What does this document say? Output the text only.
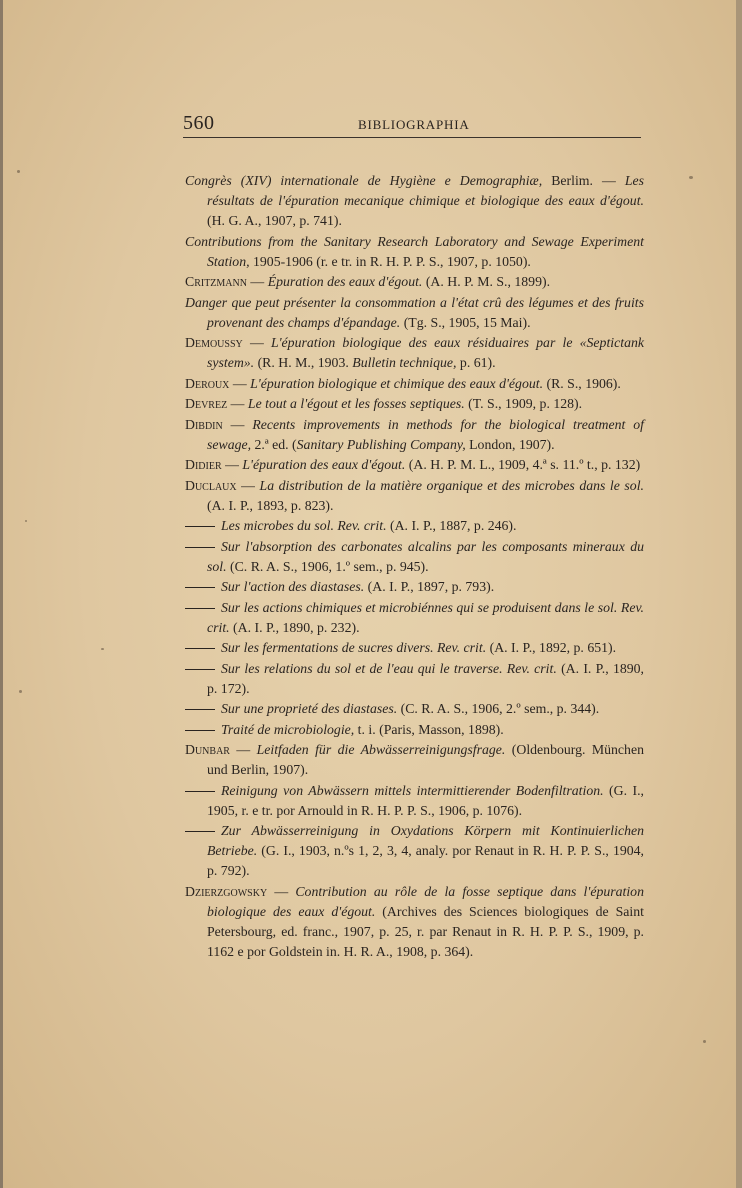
560	BIBLIOGRAPHIA

Congrès (XIV) internationale de Hygiène e Demographiæ, Berlim. — Les résultats de l'épuration mecanique chimique et biologique des eaux d'égout. (H. G. A., 1907, p. 741).

Contributions from the Sanitary Research Laboratory and Sewage Experiment Station, 1905-1906 (r. e tr. in R. H. P. P. S., 1907, p. 1050).

Critzmann — Épuration des eaux d'égout. (A. H. P. M. S., 1899).

Danger que peut présenter la consommation a l'état crû des légumes et des fruits provenant des champs d'épandage. (Tg. S., 1905, 15 Mai).

Demoussy — L'épuration biologique des eaux résiduaires par le «Septictank system». (R. H. M., 1903. Bulletin technique, p. 61).

Deroux — L'épuration biologique et chimique des eaux d'égout. (R. S., 1906).

Devrez — Le tout a l'égout et les fosses septiques. (T. S., 1909, p. 128).

Dibdin — Recents improvements in methods for the biological treatment of sewage, 2.ª ed. (Sanitary Publishing Company, London, 1907).

Didier — L'épuration des eaux d'égout. (A. H. P. M. L., 1909, 4.ª s. 11.º t., p. 132)

Duclaux — La distribution de la matière organique et des microbes dans le sol. (A. I. P., 1893, p. 823).

Les microbes du sol. Rev. crit. (A. I. P., 1887, p. 246).

Sur l'absorption des carbonates alcalins par les composants mineraux du sol. (C. R. A. S., 1906, 1.º sem., p. 945).

Sur l'action des diastases. (A. I. P., 1897, p. 793).

Sur les actions chimiques et microbiénnes qui se produisent dans le sol. Rev. crit. (A. I. P., 1890, p. 232).

Sur les fermentations de sucres divers. Rev. crit. (A. I. P., 1892, p. 651).

Sur les relations du sol et de l'eau qui le traverse. Rev. crit. (A. I. P., 1890, p. 172).

Sur une proprieté des diastases. (C. R. A. S., 1906, 2.º sem., p. 344).

Traité de microbiologie, t. i. (Paris, Masson, 1898).

Dunbar — Leitfaden für die Abwässerreinigungsfrage. (Oldenbourg. München und Berlin, 1907).

Reinigung von Abwässern mittels intermittierender Bodenfiltration. (G. I., 1905, r. e tr. por Arnould in R. H. P. P. S., 1906, p. 1076).

Zur Abwässerreinigung in Oxydations Körpern mit Kontinuierlichen Betriebe. (G. I., 1903, n.ºs 1, 2, 3, 4, analy. por Renaut in R. H. P. P. S., 1904, p. 792).

Dzierzgowsky — Contribution au rôle de la fosse septique dans l'épuration biologique des eaux d'égout. (Archives des Sciences biologiques de Saint Petersbourg, ed. franc., 1907, p. 25, r. par Renaut in R. H. P. P. S., 1909, p. 1162 e por Goldstein in. H. R. A., 1908, p. 364).
